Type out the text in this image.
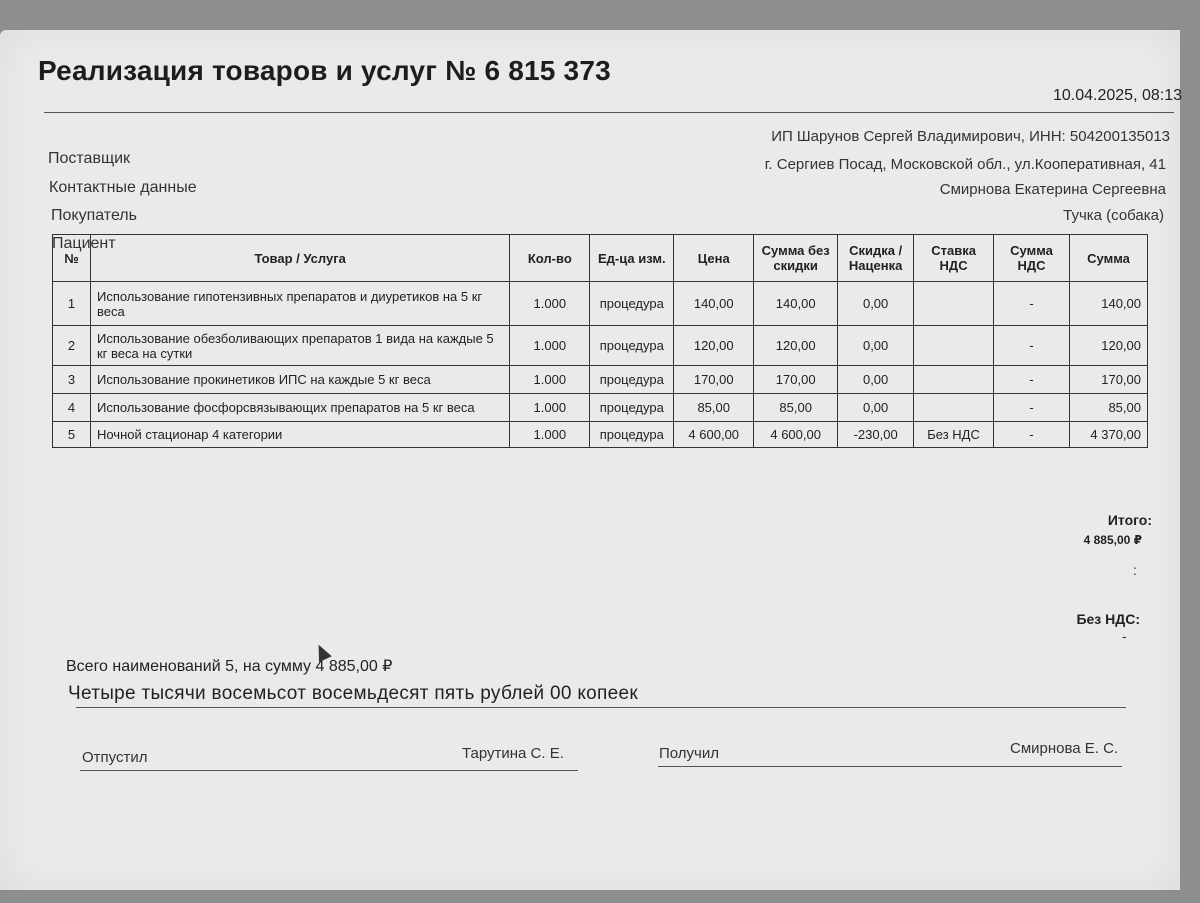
Реализация товаров и услуг № 6 815 373
10.04.2025, 08:13
Поставщик
Контактные данные
Покупатель
Пациент
ИП Шарунов Сергей Владимирович, ИНН: 504200135013
г. Сергиев Посад, Московской обл., ул.Кооперативная, 41
Смирнова Екатерина Сергеевна
Тучка (собака)
№	Товар / Услуга	Кол-во	Ед-ца изм.	Цена	Сумма без скидки	Скидка / Наценка	Ставка НДС	Сумма НДС	Сумма
1	Использование гипотензивных препаратов и диуретиков на 5 кг веса	1.000	процедура	140,00	140,00	0,00		-	140,00
2	Использование обезболивающих препаратов 1 вида на каждые 5 кг веса на сутки	1.000	процедура	120,00	120,00	0,00		-	120,00
3	Использование прокинетиков ИПС на каждые 5 кг веса	1.000	процедура	170,00	170,00	0,00		-	170,00
4	Использование фосфорсвязывающих препаратов на 5 кг веса	1.000	процедура	85,00	85,00	0,00		-	85,00
5	Ночной стационар 4 категории	1.000	процедура	4 600,00	4 600,00	-230,00	Без НДС	-	4 370,00
Итого:
4 885,00 ₽
:
Без НДС:
-
Всего наименований 5, на сумму 4 885,00 ₽
Четыре тысячи восемьсот восемьдесят пять рублей 00 копеек
Отпустил	Тарутина С. Е.	Получил	Смирнова Е. С.
